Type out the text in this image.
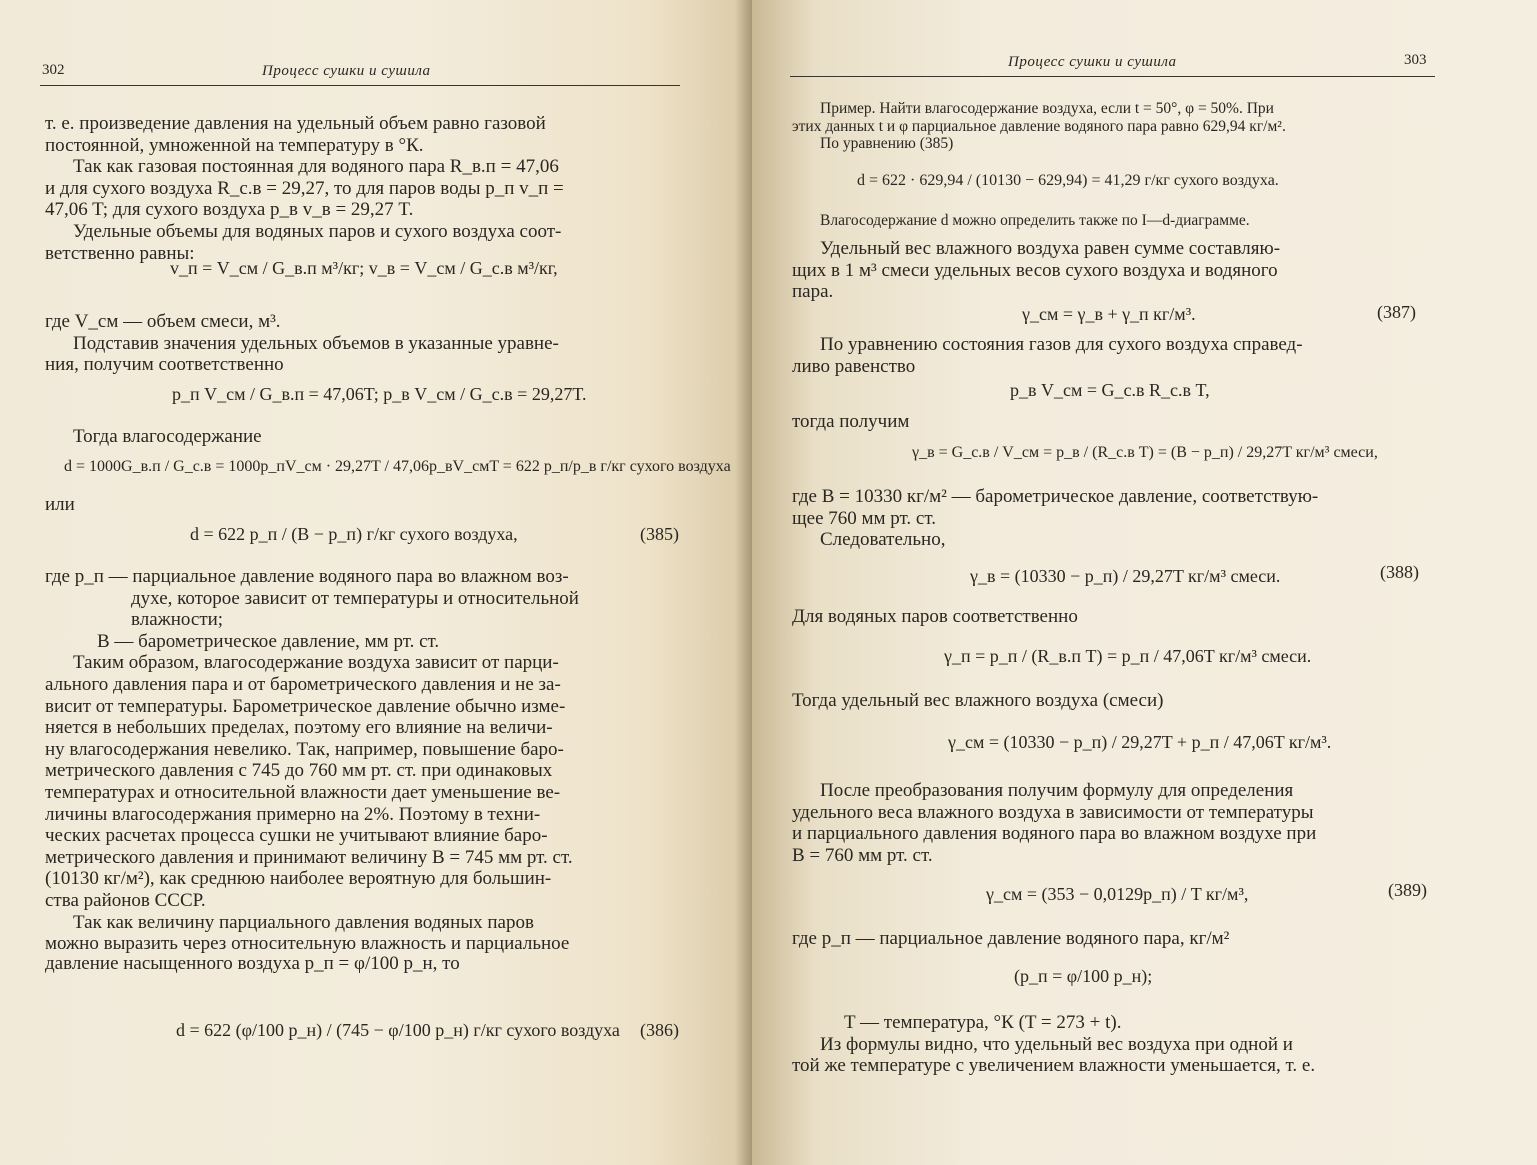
302	Процесс сушки и сушила
т. е. произведение давления на удельный объем равно газовой
постоянной, умноженной на температуру в °К.
Так как газовая постоянная для водяного пара R_в.п = 47,06
и для сухого воздуха R_с.в = 29,27, то для паров воды p_п v_п =
47,06 T; для сухого воздуха p_в v_в = 29,27 T.
Удельные объемы для водяных паров и сухого воздуха соот-
ветственно равны:
v_п = V_см / G_в.п м³/кг; v_в = V_см / G_с.в м³/кг,
где V_см — объем смеси, м³.
Подставив значения удельных объемов в указанные уравне-
ния, получим соответственно
p_п V_см / G_в.п = 47,06T; p_в V_см / G_с.в = 29,27T.
Тогда влагосодержание
d = 1000G_в.п / G_с.в = 1000p_пV_см · 29,27T / 47,06p_вV_смT = 622 p_п/p_в г/кг сухого воздуха
или
d = 622 p_п / (B − p_п) г/кг сухого воздуха,	(385)
где p_п — парциальное давление водяного пара во влажном воз-
духе, которое зависит от температуры и относительной
влажности;
B — барометрическое давление, мм рт. ст.
Таким образом, влагосодержание воздуха зависит от парци-
ального давления пара и от барометрического давления и не за-
висит от температуры. Барометрическое давление обычно изме-
няется в небольших пределах, поэтому его влияние на величи-
ну влагосодержания невелико. Так, например, повышение баро-
метрического давления с 745 до 760 мм рт. ст. при одинаковых
температурах и относительной влажности дает уменьшение ве-
личины влагосодержания примерно на 2%. Поэтому в техни-
ческих расчетах процесса сушки не учитывают влияние баро-
метрического давления и принимают величину B = 745 мм рт. ст.
(10130 кг/м²), как среднюю наиболее вероятную для большин-
ства районов СССР.
Так как величину парциального давления водяных паров
можно выразить через относительную влажность и парциальное
давление насыщенного воздуха p_п = φ/100 p_н, то
d = 622 (φ/100 p_н) / (745 − φ/100 p_н) г/кг сухого воздуха (386)
Процесс сушки и сушила	303
Пример. Найти влагосодержание воздуха, если t = 50°, φ = 50%. При
этих данных t и φ парциальное давление водяного пара равно 629,94 кг/м².
По уравнению (385)
d = 622 · 629,94 / (10130 − 629,94) = 41,29 г/кг сухого воздуха.
Влагосодержание d можно определить также по I—d-диаграмме.
Удельный вес влажного воздуха равен сумме составляю-
щих в 1 м³ смеси удельных весов сухого воздуха и водяного
пара.
γ_см = γ_в + γ_п кг/м³.	(387)
По уравнению состояния газов для сухого воздуха справед-
ливо равенство
p_в V_см = G_с.в R_с.в T,
тогда получим
γ_в = G_с.в / V_см = p_в / (R_с.в T) = (B − p_п) / 29,27T кг/м³ смеси,
где B = 10330 кг/м² — барометрическое давление, соответствую-
щее 760 мм рт. ст.
Следовательно,
γ_в = (10330 − p_п) / 29,27T кг/м³ смеси.	(388)
Для водяных паров соответственно
γ_п = p_п / (R_в.п T) = p_п / 47,06T кг/м³ смеси.
Тогда удельный вес влажного воздуха (смеси)
γ_см = (10330 − p_п) / 29,27T + p_п / 47,06T кг/м³.
После преобразования получим формулу для определения
удельного веса влажного воздуха в зависимости от температуры
и парциального давления водяного пара во влажном воздухе при
B = 760 мм рт. ст.
γ_см = (353 − 0,0129p_п) / T кг/м³,	(389)
где p_п — парциальное давление водяного пара, кг/м²
(p_п = φ/100 p_н);
T — температура, °К (T = 273 + t).
Из формулы видно, что удельный вес воздуха при одной и
той же температуре с увеличением влажности уменьшается, т. е.
